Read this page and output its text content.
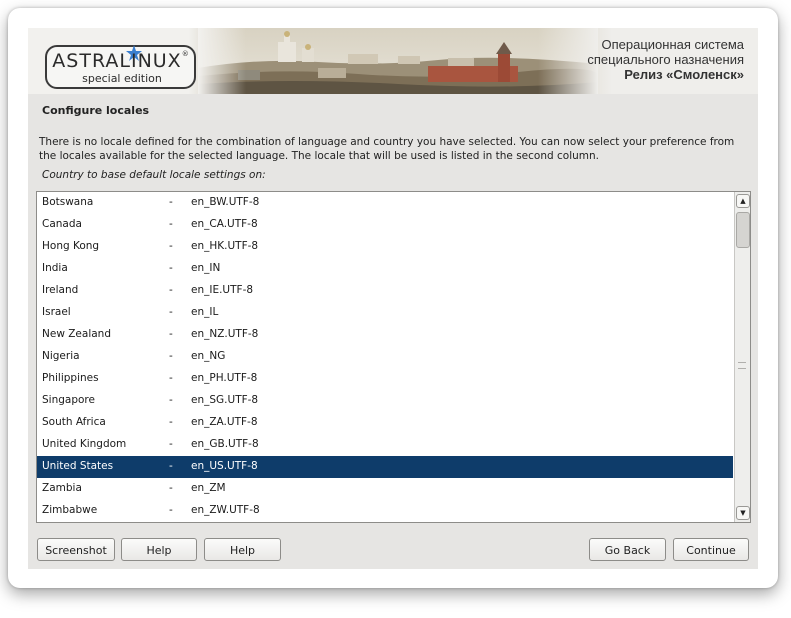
ASTRALINUX®
special edition
Операционная система
специального назначения
Релиз «Смоленск»
Configure locales
There is no locale defined for the combination of language and country you have selected. You can now select your preference from the locales available for the selected language. The locale that will be used is listed in the second column.
Country to base default locale settings on:
Botswana	- en_BW.UTF-8
Canada	- en_CA.UTF-8
Hong Kong	- en_HK.UTF-8
India	- en_IN
Ireland	- en_IE.UTF-8
Israel	- en_IL
New Zealand	- en_NZ.UTF-8
Nigeria	- en_NG
Philippines	- en_PH.UTF-8
Singapore	- en_SG.UTF-8
South Africa	- en_ZA.UTF-8
United Kingdom	- en_GB.UTF-8
United States	- en_US.UTF-8
Zambia	- en_ZM
Zimbabwe	- en_ZW.UTF-8
▲
▼
Screenshot	Help	Help	Go Back	Continue
